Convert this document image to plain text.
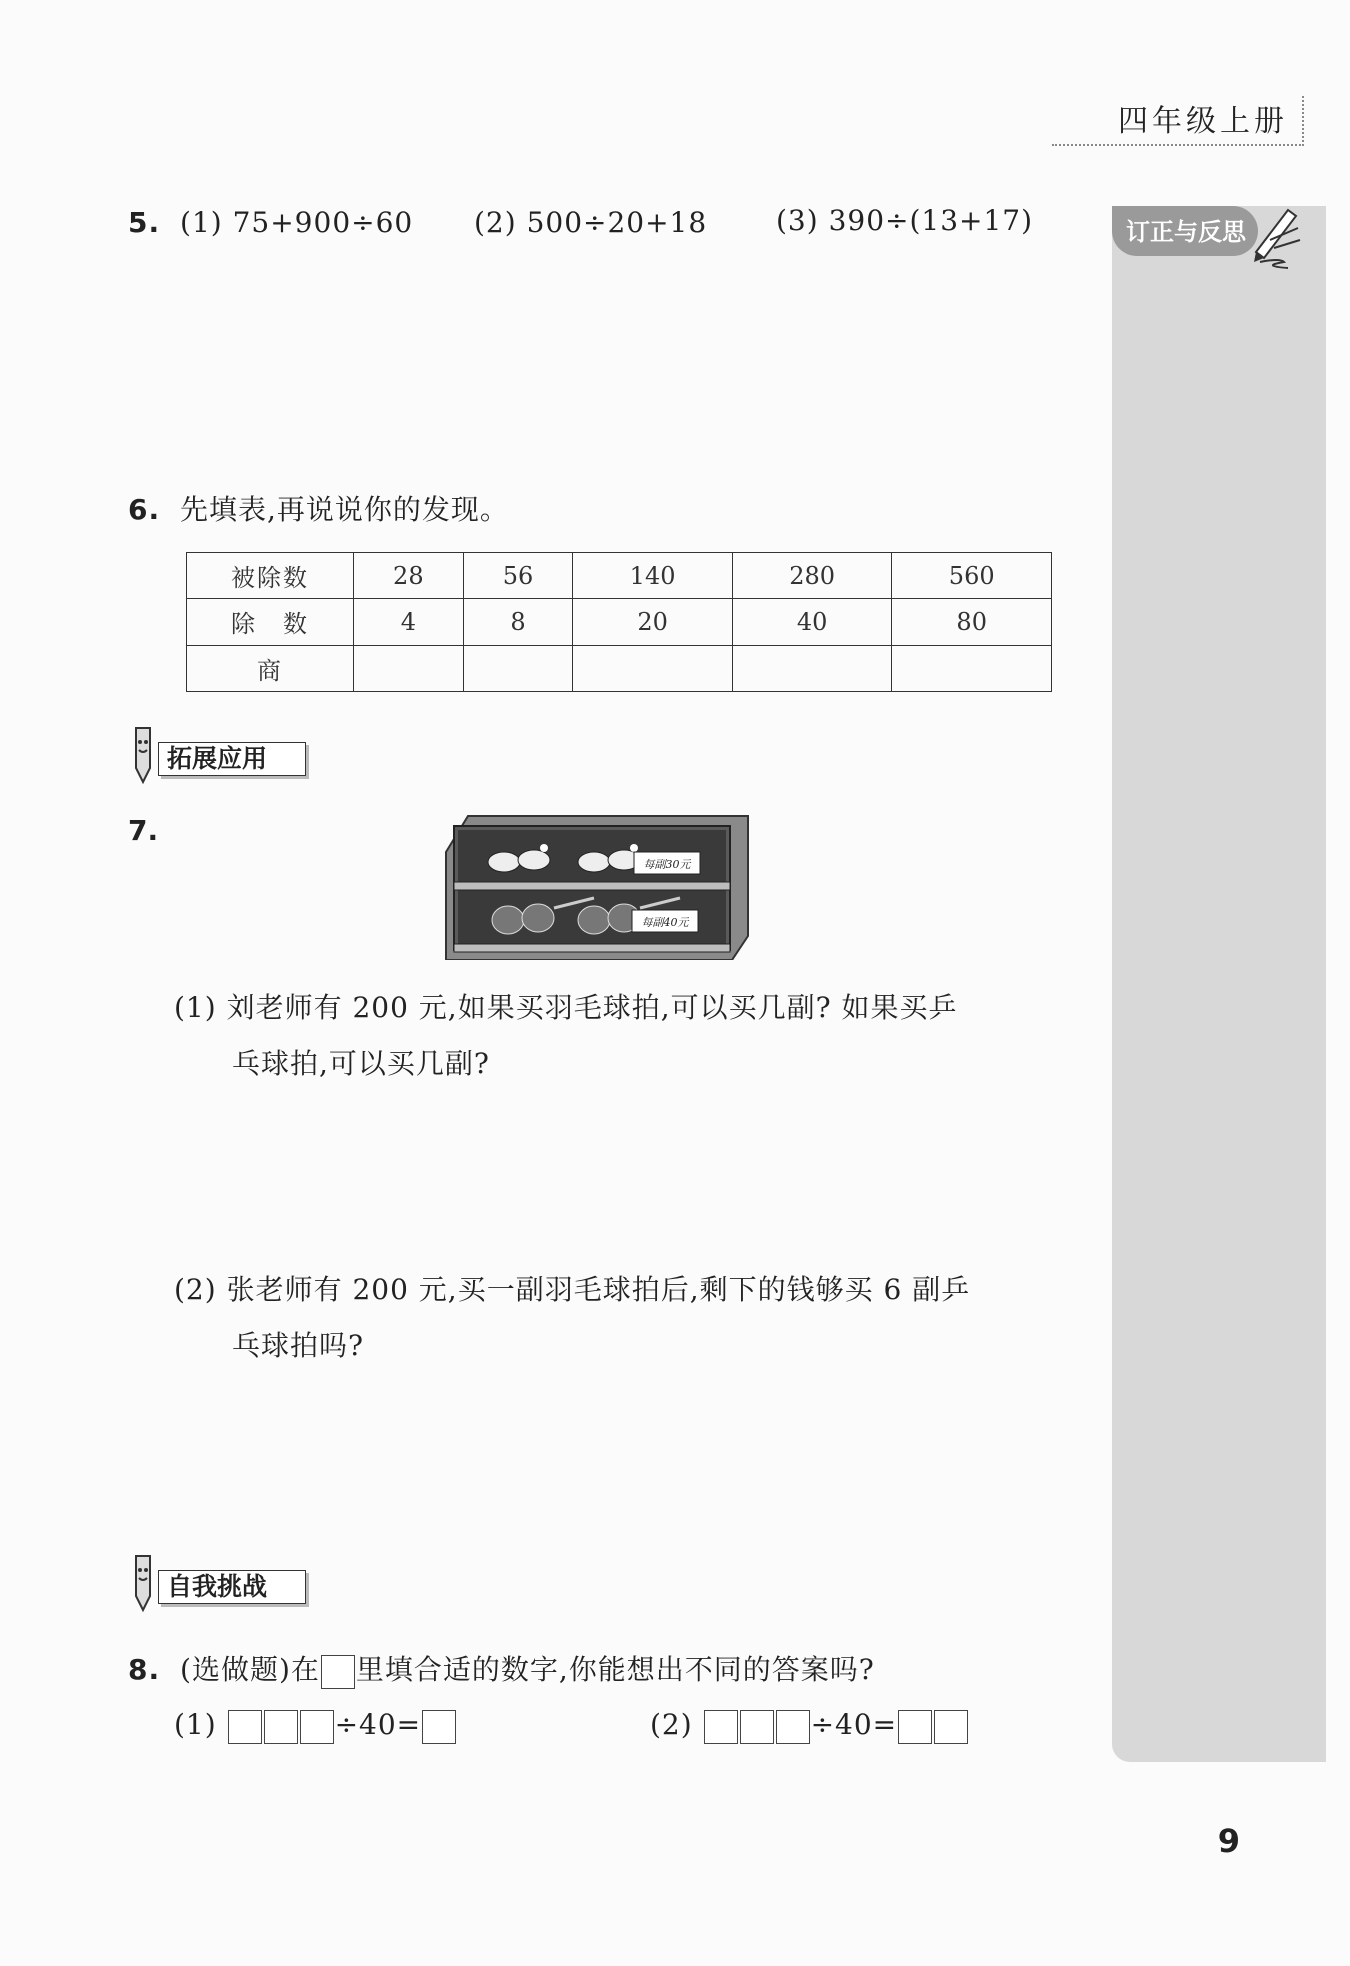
四年级上册
订正与反思
5. (1) 75+900÷60 (2) 500÷20+18 (3) 390÷(13+17)
6. 先填表,再说说你的发现。
被除数	28	56	140	280	560
除　数	4	8	20	40	80
商					
拓展应用
7.
每副30元
每副40元
(1) 刘老师有 200 元,如果买羽毛球拍,可以买几副? 如果买乒
乓球拍,可以买几副?
(2) 张老师有 200 元,买一副羽毛球拍后,剩下的钱够买 6 副乒
乓球拍吗?
自我挑战
8. (选做题)在 里填合适的数字,你能想出不同的答案吗?
(1)	÷40=	(2)	÷40=
9
